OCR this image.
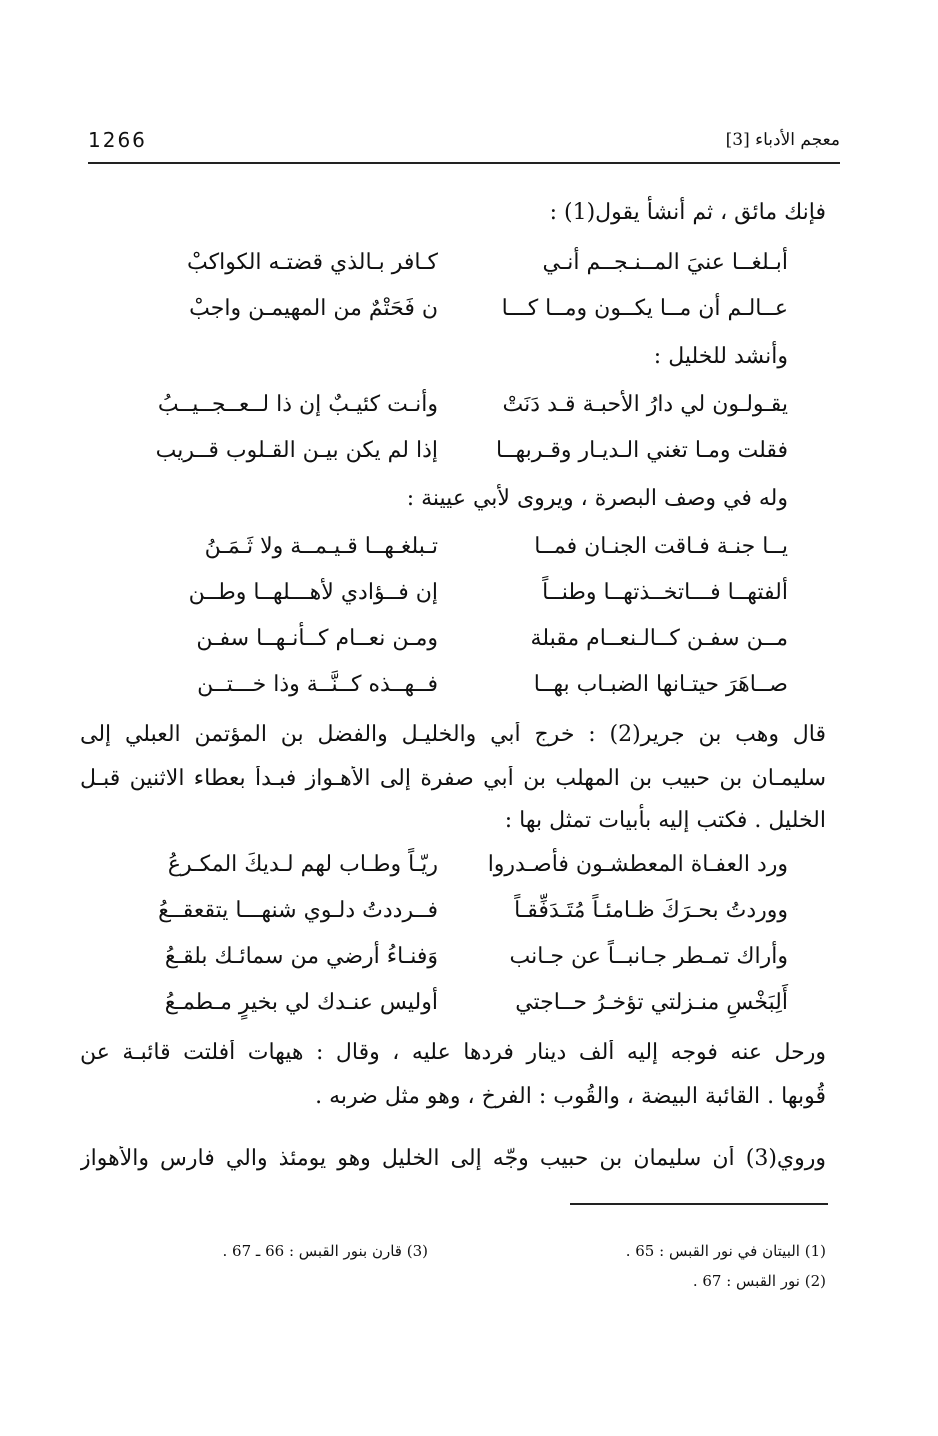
1266	معجم الأدباء [3]
فإنك مائق ، ثم أنشأ يقول(1) :
أبـلغــا عنيَ المــنـجــم أنـي
كـافر بـالذي قضتـه الكواكبْ
عــالـم أن مــا يكــون ومــا كـــا
ن فَحَتْمٌ من المهيمـن واجبْ
وأنشد للخليل :
يقـولـون لي دارُ الأحبـة قـد دَنَتْ
وأنـت كئيـبٌ إن ذا لــعــجــيــبُ
فقلت ومـا تغني الـديـار وقـربهــا
إذا لم يكن بيـن القـلوب قــريب
وله في وصف البصرة ، ويروى لأبي عيينة :
يــا جنـة فـاقت الجنـان فمــا
تـبلغـهــا قـيـمــة ولا ثَـمَـنُ
ألفتهــا فـــاتخــذتهــا وطنــاً
إن فــؤادي لأهـــلهــا وطــن
مــن سفـن كــالـنعــام مقبلة
ومـن نعــام كــأنـهــا سفـن
صــاهَرَ حيتـانها الضبـاب بهــا
فــهــذه كــنَّــة وذا خـــتــن
قال وهب بن جرير(2) : خرج أبي والخليـل والفضل بن المؤتمن العبلي إلى
سليمـان بن حبيب بن المهلب بن أبي صفرة إلى الأهـواز فبـدأ بعطاء الاثنين قبـل
الخليل . فكتب إليه بأبيات تمثل بها :
ورد العفـاة المعطشـون فأصـدروا
ريّـاً وطـاب لهم لـديكَ المكـرعُ
ووردتُ بحـرَكَ ظـامئـاً مُتَـدَفِّقـاً
فــرددتُ دلـوي شنهـــا يتقعقــعُ
وأراك تمـطر جـانبــاً عن جـانب
وَفنـاءُ أرضي من سمائـك بلقـعُ
أَلِبَخْسِ منـزلتي تؤخـرُ حــاجتي
أوليس عنـدك لي بخيرٍ مـطمـعُ
ورحل عنه فوجه إليه ألف دينار فردها عليه ، وقال : هيهات أفلتت قائبـة عن
قُوبها . القائبة البيضة ، والقُوب : الفرخ ، وهو مثل ضربه .
وروي(3) أن سليمان بن حبيب وجّه إلى الخليل وهو يومئذ والي فارس والأهواز
(1) البيتان في نور القبس : 65 .
(2) نور القبس : 67 .
(3) قارن بنور القبس : 66 ـ 67 .
